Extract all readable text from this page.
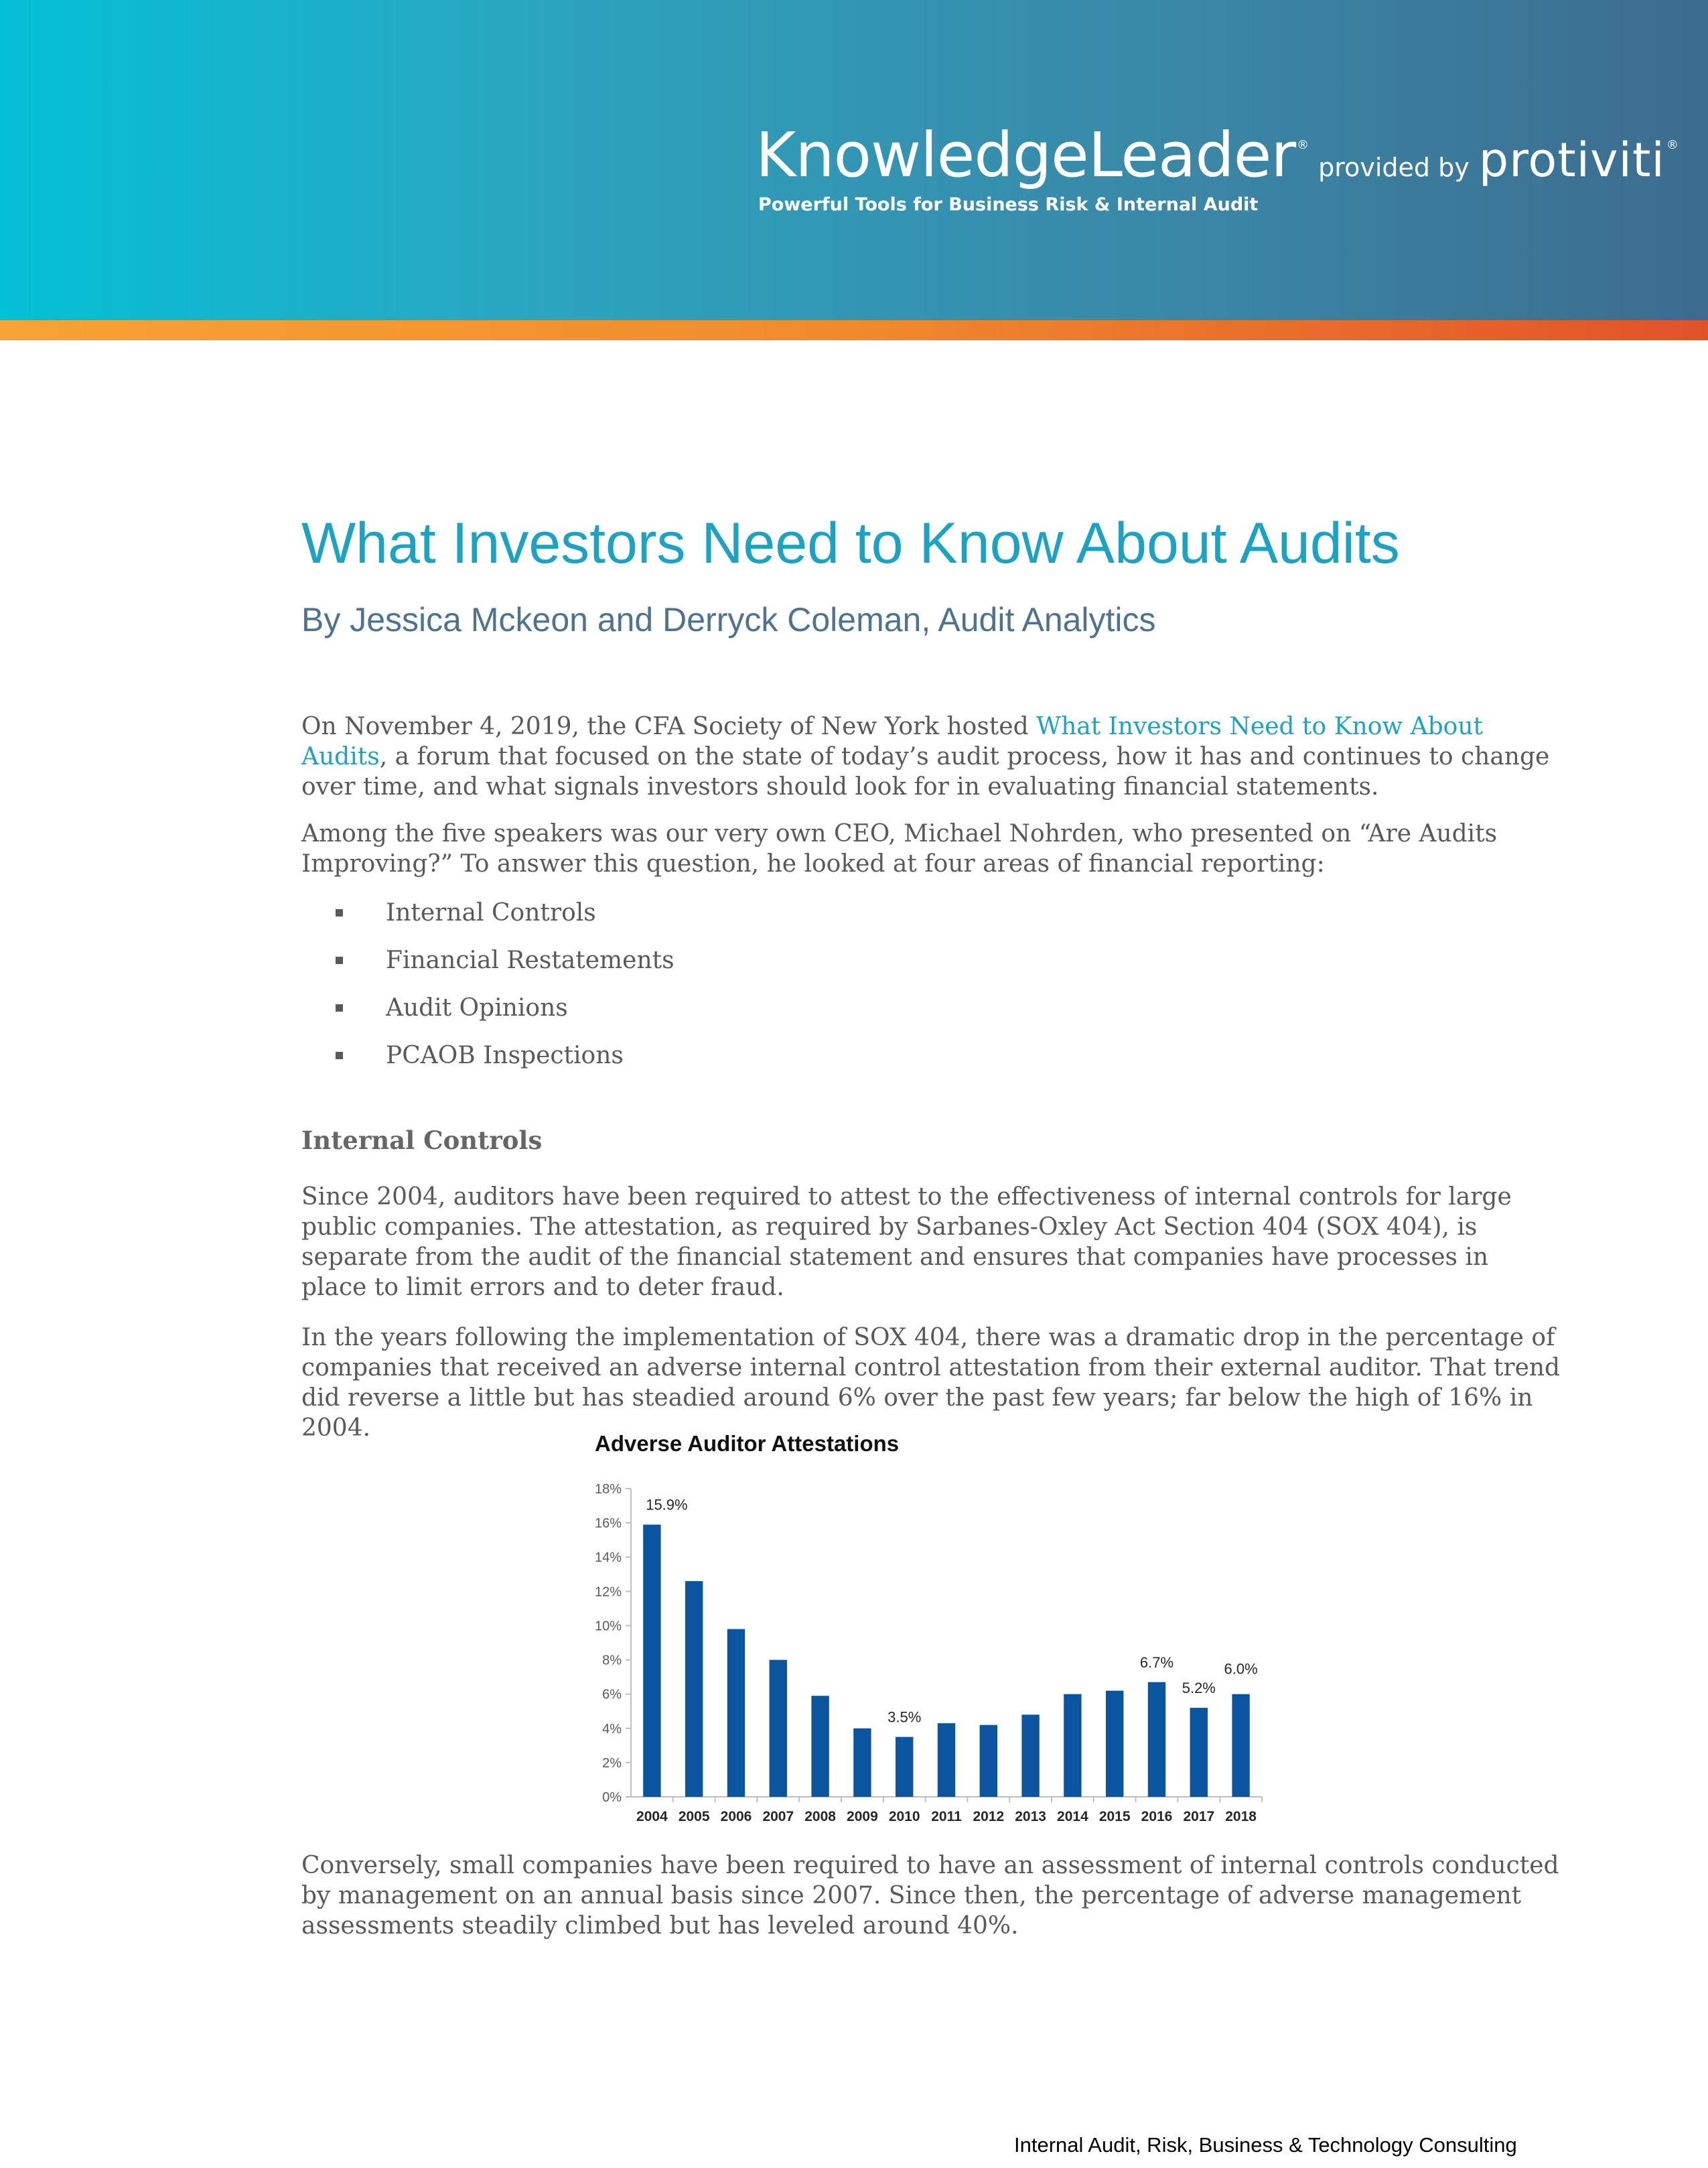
KnowledgeLeader ®provided by protiviti ®
Powerful Tools for Business Risk & Internal Audit
What Investors Need to Know About Audits
By Jessica Mckeon and Derryck Coleman, Audit Analytics

On November 4, 2019, the CFA Society of New York hosted What Investors Need to Know About Audits, a forum that focused on the state of today’s audit process, how it has and continues to change over time, and what signals investors should look for in evaluating financial statements.

Among the five speakers was our very own CEO, Michael Nohrden, who presented on “Are Audits Improving?” To answer this question, he looked at four areas of financial reporting:

Internal Controls
Financial Restatements
Audit Opinions
PCAOB Inspections
Internal Controls

Since 2004, auditors have been required to attest to the effectiveness of internal controls for large public companies. The attestation, as required by Sarbanes-Oxley Act Section 404 (SOX 404), is separate from the audit of the financial statement and ensures that companies have processes in place to limit errors and to deter fraud.

In the years following the implementation of SOX 404, there was a dramatic drop in the percentage of companies that received an adverse internal control attestation from their external auditor. That trend did reverse a little but has steadied around 6% over the past few years; far below the high of 16% in 2004.

Adverse Auditor Attestations
0%
2%
4%
6%
8%
10%
12%
14%
16%
18%
2004
15.9%
2005 2006 2007 2008 2009 2010
3.5%
2011 2012 2013 2014 2015 2016
6.7%
2017
5.2%
2018
6.0%

Conversely, small companies have been required to have an assessment of internal controls conducted by management on an annual basis since 2007. Since then, the percentage of adverse management assessments steadily climbed but has leveled around 40%.

Internal Audit, Risk, Business & Technology Consulting
